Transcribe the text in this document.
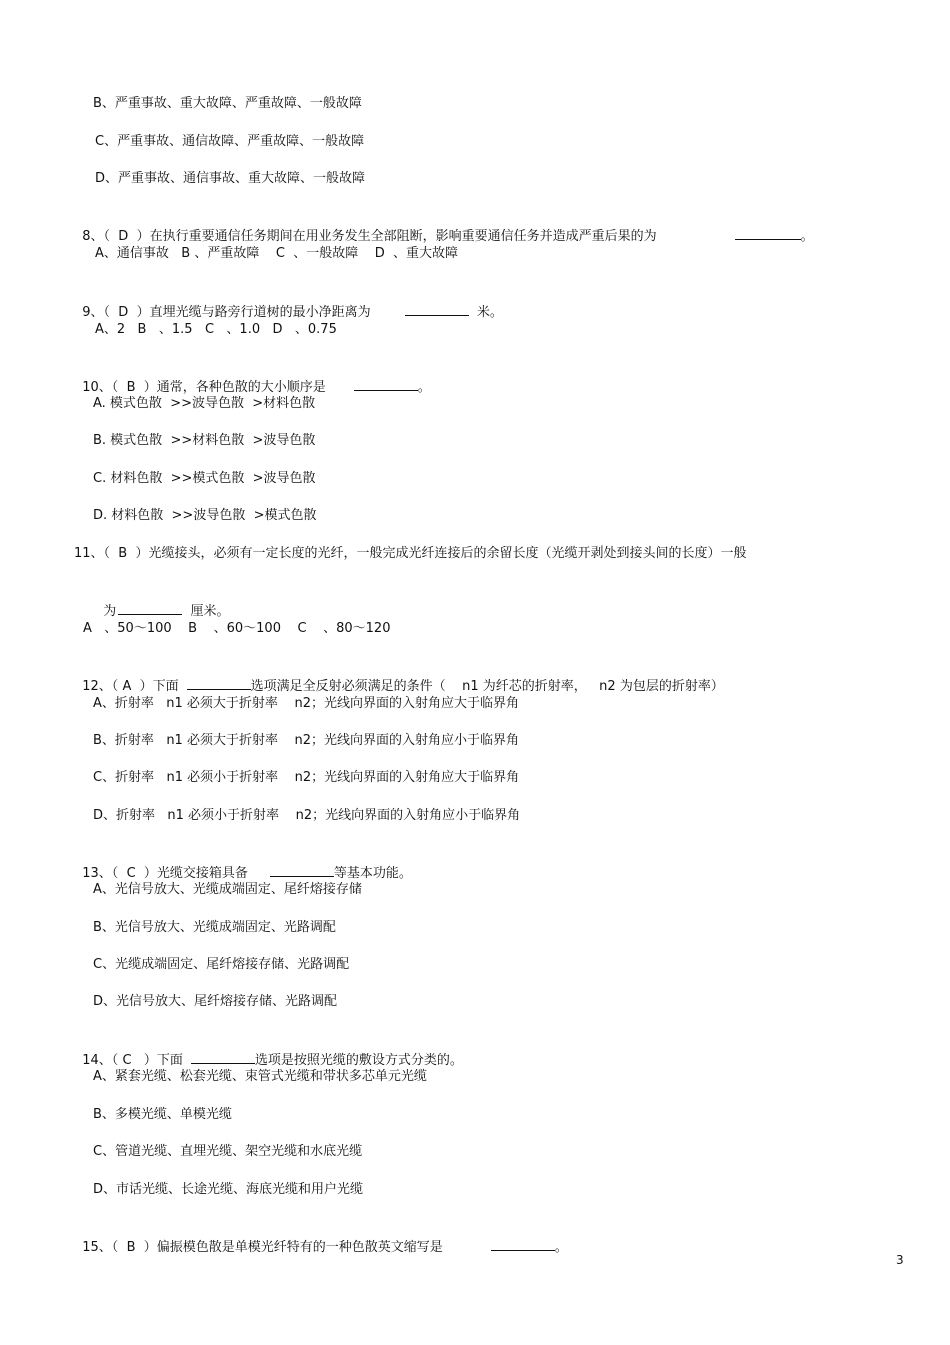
B、严重事故、重大故障、严重故障、一般故障
C、严重事故、通信故障、严重故障、一般故障
D、严重事故、通信事故、重大故障、一般故障

8、（  D  ）在执行重要通信任务期间在用业务发生全部阻断，影响重要通信任务并造成严重后果的为	。

A、通信事故   B 、严重故障    C  、一般故障    D  、重大故障

9、（  D  ）直埋光缆与路旁行道树的最小净距离为	米。

A、2   B   、1.5   C   、1.0   D   、0.75

10、（  B  ）通常，各种色散的大小顺序是	。

A. 模式色散  >>波导色散  >材料色散
B. 模式色散  >>材料色散  >波导色散
C. 材料色散  >>模式色散  >波导色散
D. 材料色散  >>波导色散  >模式色散
11、（  B  ）光缆接头，必须有一定长度的光纤，一般完成光纤连接后的余留长度（光缆开剥处到接头间的长度）一般

为	厘米。

A   、50～100    B    、60～100    C    、80～120

12、（ A  ）下面	选项满足全反射必须满足的条件（    n1 为纤芯的折射率，   n2 为包层的折射率）

A、折射率   n1 必须大于折射率    n2；光线向界面的入射角应大于临界角
B、折射率   n1 必须大于折射率    n2；光线向界面的入射角应小于临界角
C、折射率   n1 必须小于折射率    n2；光线向界面的入射角应大于临界角
D、折射率   n1 必须小于折射率    n2；光线向界面的入射角应小于临界角

13、（  C  ）光缆交接箱具备	等基本功能。

A、光信号放大、光缆成端固定、尾纤熔接存储
B、光信号放大、光缆成端固定、光路调配
C、光缆成端固定、尾纤熔接存储、光路调配
D、光信号放大、尾纤熔接存储、光路调配

14、（ C   ）下面	选项是按照光缆的敷设方式分类的。

A、紧套光缆、松套光缆、束管式光缆和带状多芯单元光缆
B、多模光缆、单模光缆
C、管道光缆、直埋光缆、架空光缆和水底光缆
D、市话光缆、长途光缆、海底光缆和用户光缆

15、（  B  ）偏振模色散是单模光纤特有的一种色散英文缩写是	。

3
